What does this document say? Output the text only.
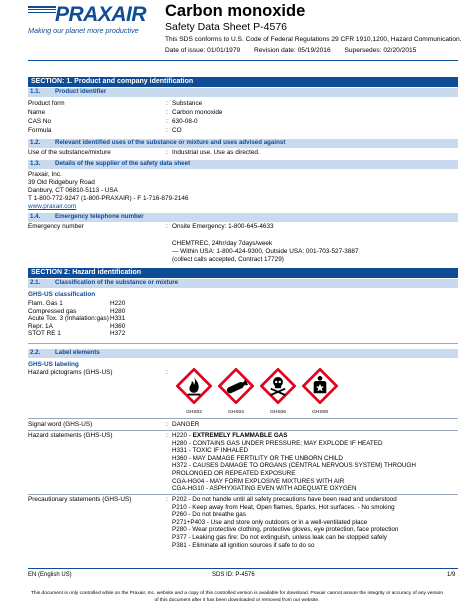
PRAXAIR
Making our planet more productive
Carbon monoxide
Safety Data Sheet P-4576
This SDS conforms to U.S. Code of Federal Regulations 29 CFR 1910.1200, Hazard Communication.
Date of issue: 01/01/1979 Revision date: 05/19/2016 Supersedes: 02/20/2015
SECTION: 1. Product and company identification
1.1. Product identifier
Product form	: Substance
Name	: Carbon monoxide
CAS No	: 630-08-0
Formula	: CO
1.2. Relevant identified uses of the substance or mixture and uses advised against
Use of the substance/mixture	: Industrial use. Use as directed.
1.3. Details of the supplier of the safety data sheet
Praxair, Inc.
39 Old Ridgebury Road
Danbury, CT 06810-5113 - USA
T 1-800-772-9247 (1-800-PRAXAIR) - F 1-716-879-2146
www.praxair.com
1.4. Emergency telephone number
Emergency number	: Onsite Emergency: 1-800-645-4633
CHEMTREC, 24hr/day 7days/week
— Within USA: 1-800-424-9300, Outside USA: 001-703-527-3887
(collect calls accepted, Contract 17729)
SECTION 2: Hazard identification
2.1. Classification of the substance or mixture
GHS-US classification
Flam. Gas 1	H220
Compressed gas	H280
Acute Tox. 3 (Inhalation:gas) H331
Repr. 1A	H360
STOT RE 1	H372
2.2. Label elements
GHS-US labeling
Hazard pictograms (GHS-US)	:
GHS02	GHS04	GHS06	GHS08
Signal word (GHS-US)	: DANGER
Hazard statements (GHS-US)	: H220 - EXTREMELY FLAMMABLE GAS
H280 - CONTAINS GAS UNDER PRESSURE; MAY EXPLODE IF HEATED
H331 - TOXIC IF INHALED
H360 - MAY DAMAGE FERTILITY OR THE UNBORN CHILD
H372 - CAUSES DAMAGE TO ORGANS (CENTRAL NERVOUS SYSTEM) THROUGH
PROLONGED OR REPEATED EXPOSURE
CGA-HG04 - MAY FORM EXPLOSIVE MIXTURES WITH AIR
CGA-HG10 - ASPHYXIATING EVEN WITH ADEQUATE OXYGEN
Precautionary statements (GHS-US)	: P202 - Do not handle until all safety precautions have been read and understood
P210 - Keep away from Heat, Open flames, Sparks, Hot surfaces. - No smoking
P260 - Do not breathe gas
P271+P403 - Use and store only outdoors or in a well-ventilated place
P280 - Wear protective clothing, protective gloves, eye protection, face protection
P377 - Leaking gas fire: Do not extinguish, unless leak can be stopped safely
P381 - Eliminate all ignition sources if safe to do so
EN (English US)	SDS ID: P-4576	1/9
This document is only controlled while on the Praxair, Inc. website and a copy of this controlled version is available for download. Praxair cannot assure the integrity or accuracy of any version of this document after it has been downloaded or removed from our website.
